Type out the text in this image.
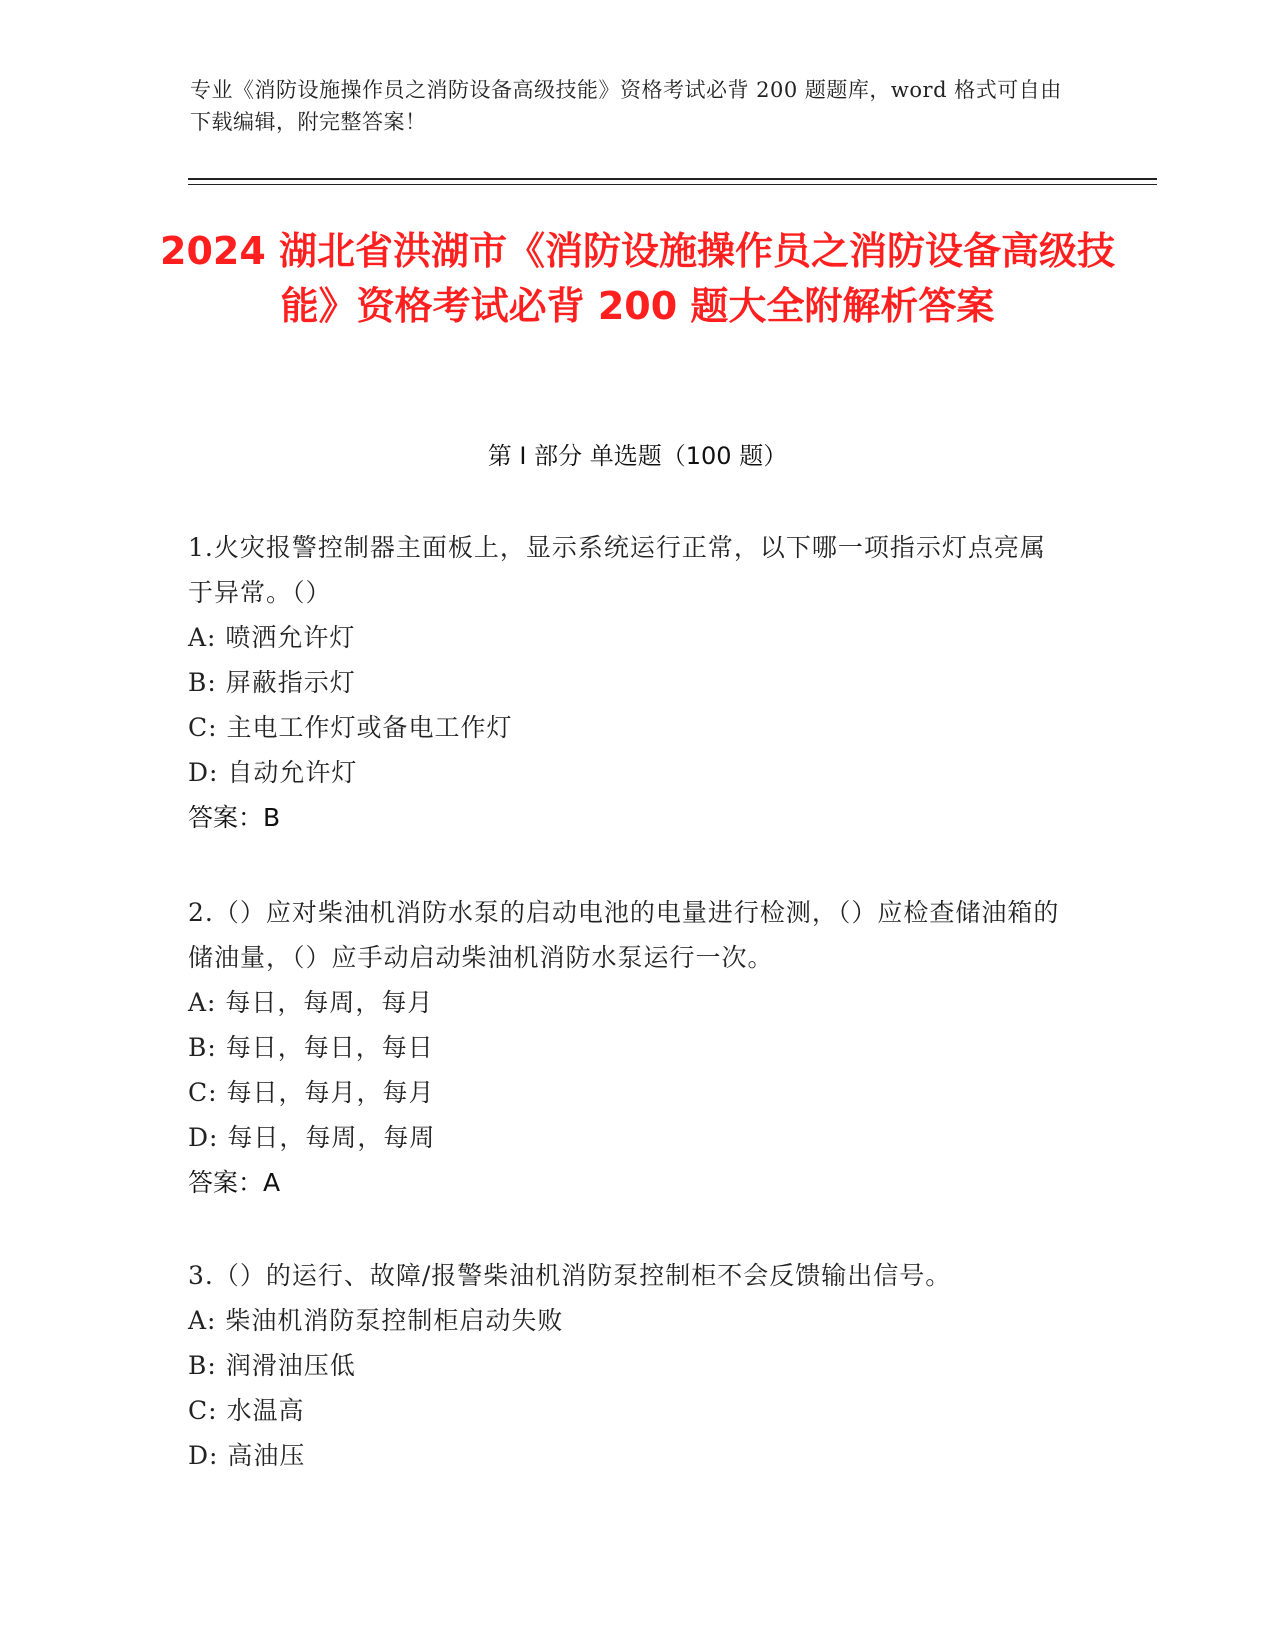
专业《消防设施操作员之消防设备高级技能》资格考试必背 200 题题库，word 格式可自由下载编辑，附完整答案！
2024 湖北省洪湖市《消防设施操作员之消防设备高级技能》资格考试必背 200 题大全附解析答案
第 I 部分 单选题（100 题）
1.火灾报警控制器主面板上，显示系统运行正常，以下哪一项指示灯点亮属于异常。（）
A: 喷洒允许灯
B: 屏蔽指示灯
C: 主电工作灯或备电工作灯
D: 自动允许灯
答案：B
2.（）应对柴油机消防水泵的启动电池的电量进行检测，（）应检查储油箱的储油量，（）应手动启动柴油机消防水泵运行一次。
A: 每日，每周，每月
B: 每日，每日，每日
C: 每日，每月，每月
D: 每日，每周，每周
答案：A
3.（）的运行、故障/报警柴油机消防泵控制柜不会反馈输出信号。
A: 柴油机消防泵控制柜启动失败
B: 润滑油压低
C: 水温高
D: 高油压
